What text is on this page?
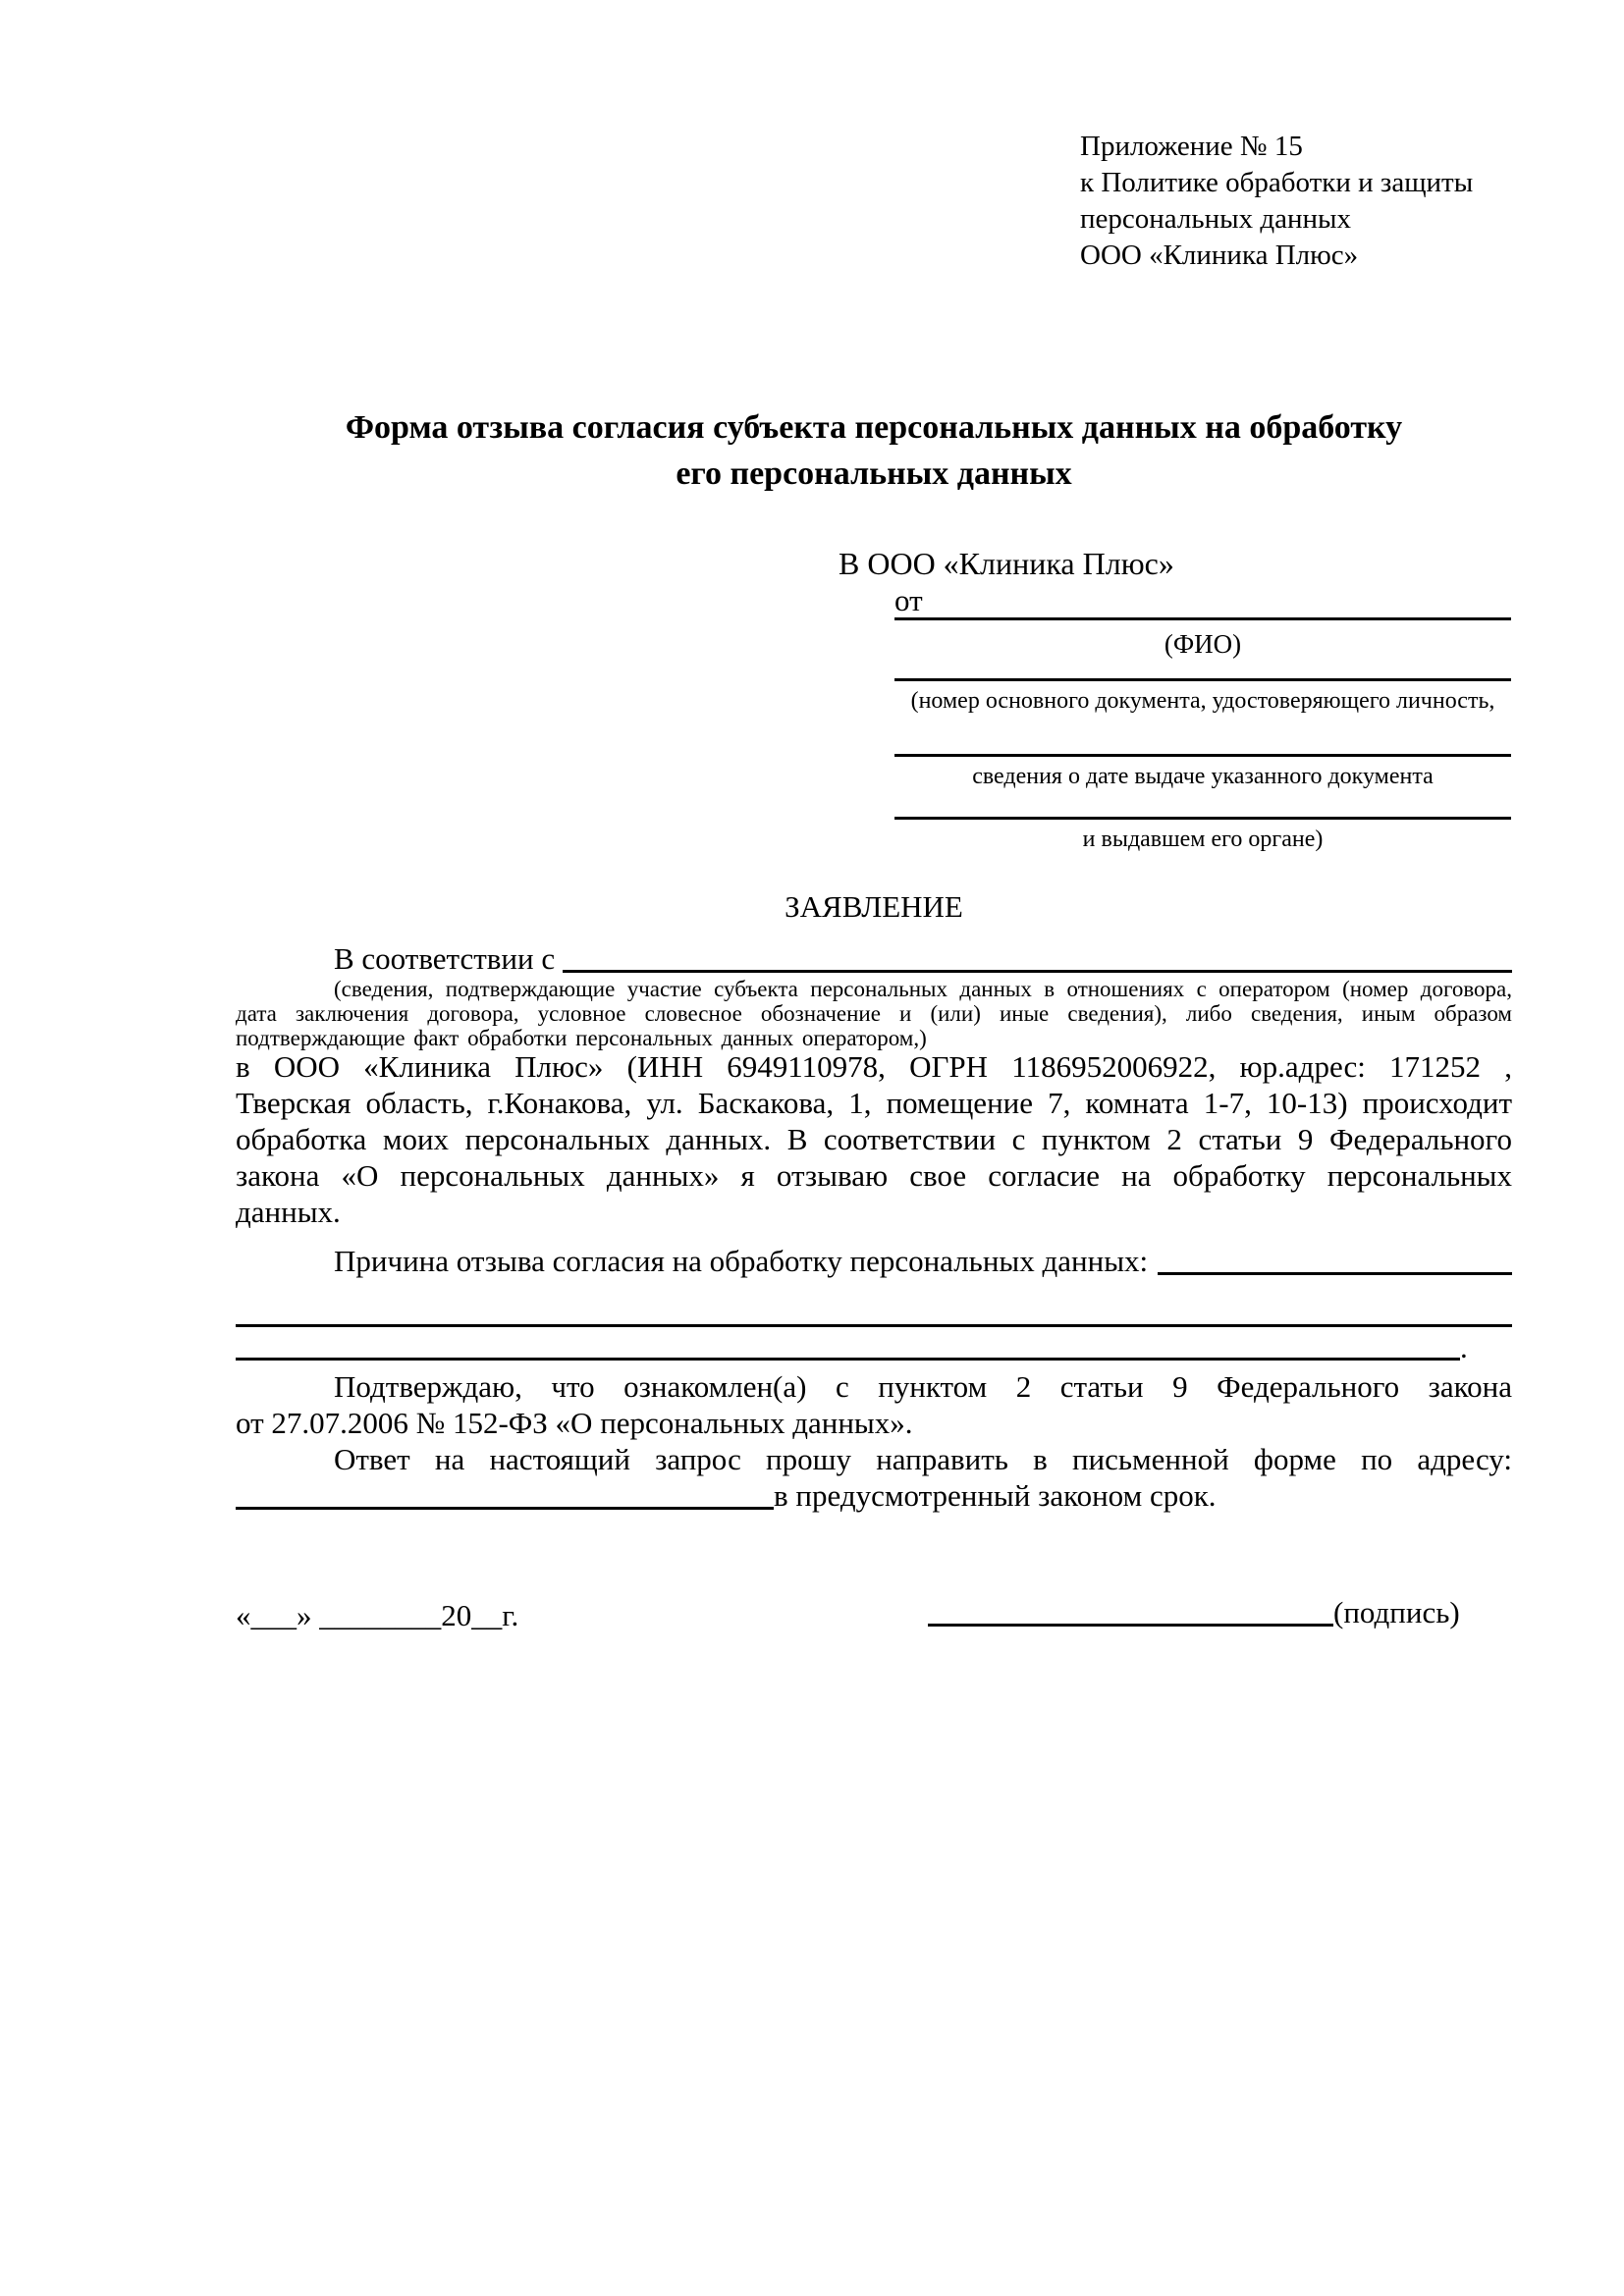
Приложение № 15
к Политике обработки и защиты
персональных данных
ООО «Клиника Плюс»
Форма отзыва согласия субъекта персональных данных на обработку
его персональных данных
В ООО «Клиника Плюс»
от
(ФИО)
(номер основного документа, удостоверяющего личность,
сведения о дате выдаче указанного документа
и выдавшем его органе)
ЗАЯВЛЕНИЕ
В соответствии с
(сведения, подтверждающие участие субъекта персональных данных в отношениях с оператором (номер договора, дата заключения договора, условное словесное обозначение и (или) иные сведения), либо сведения, иным образом подтверждающие факт обработки персональных данных оператором,)
в ООО «Клиника Плюс» (ИНН 6949110978, ОГРН 1186952006922, юр.адрес: 171252 , Тверская область, г.Конакова, ул. Баскакова, 1, помещение 7, комната 1-7, 10-13) происходит обработка моих персональных данных. В соответствии с пунктом 2 статьи 9 Федерального закона «О персональных данных» я отзываю свое согласие на обработку персональных данных.
Причина отзыва согласия на обработку персональных данных:
.
Подтверждаю, что ознакомлен(а) с пунктом 2 статьи 9 Федерального закона
от 27.07.2006 № 152-ФЗ «О персональных данных».
Ответ на настоящий запрос прошу направить в письменной форме по адресу:
в предусмотренный законом срок.
«___» ________20__г.	(подпись)
